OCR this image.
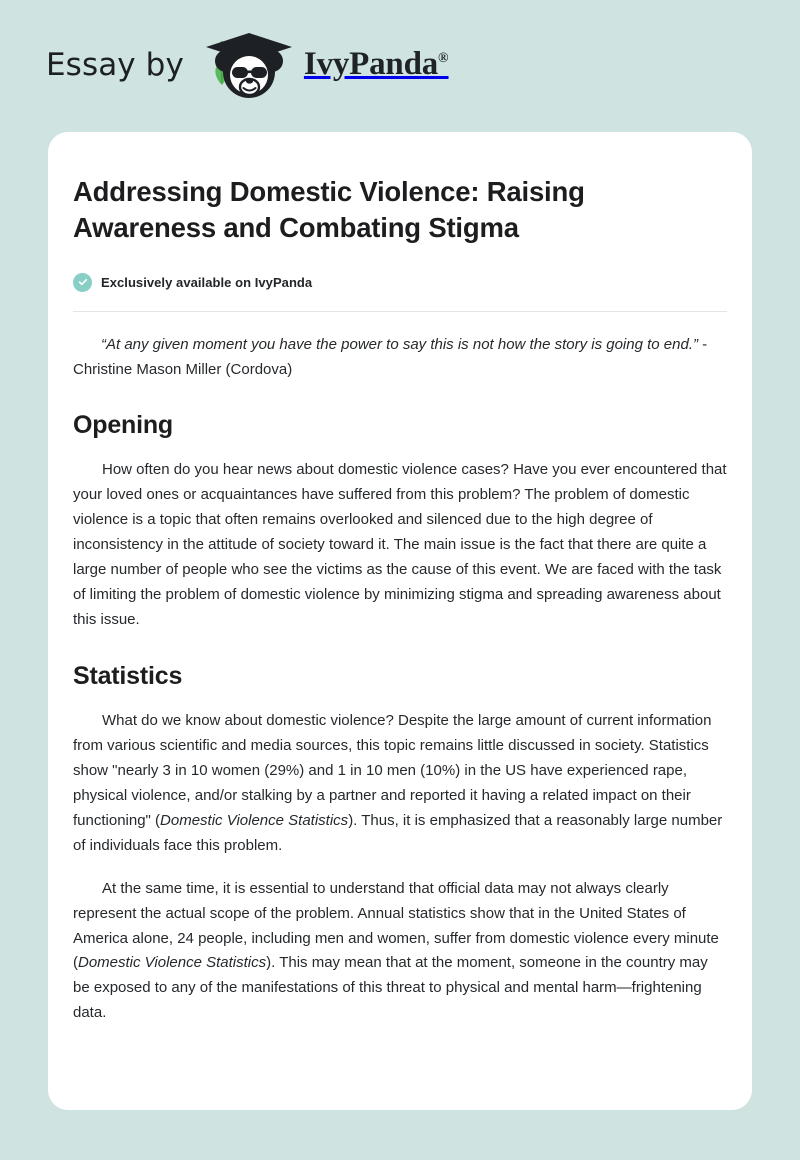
Essay by	IvyPanda®
Addressing Domestic Violence: Raising Awareness and Combating Stigma
Exclusively available on IvyPanda

“At any given moment you have the power to say this is not how the story is going to end.” - Christine Mason Miller (Cordova)

Opening

How often do you hear news about domestic violence cases? Have you ever encountered that your loved ones or acquaintances have suffered from this problem? The problem of domestic violence is a topic that often remains overlooked and silenced due to the high degree of inconsistency in the attitude of society toward it. The main issue is the fact that there are quite a large number of people who see the victims as the cause of this event. We are faced with the task of limiting the problem of domestic violence by minimizing stigma and spreading awareness about this issue.

Statistics

What do we know about domestic violence? Despite the large amount of current information from various scientific and media sources, this topic remains little discussed in society. Statistics show "nearly 3 in 10 women (29%) and 1 in 10 men (10%) in the US have experienced rape, physical violence, and/or stalking by a partner and reported it having a related impact on their functioning" (Domestic Violence Statistics). Thus, it is emphasized that a reasonably large number of individuals face this problem.

At the same time, it is essential to understand that official data may not always clearly represent the actual scope of the problem. Annual statistics show that in the United States of America alone, 24 people, including men and women, suffer from domestic violence every minute (Domestic Violence Statistics). This may mean that at the moment, someone in the country may be exposed to any of the manifestations of this threat to physical and mental harm—frightening data.
